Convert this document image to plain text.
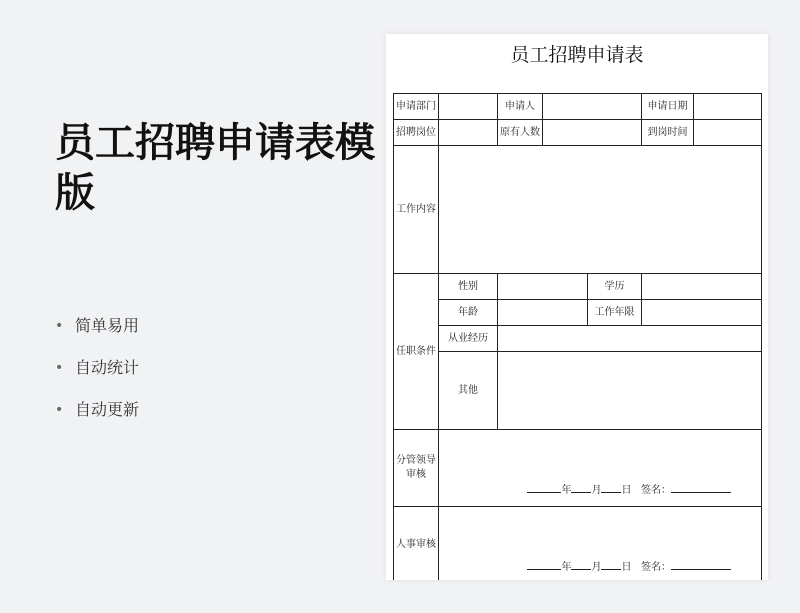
员工招聘申请表模版
• 简单易用
• 自动统计
• 自动更新
员工招聘申请表
申请部门		申请人			申请日期	
招聘岗位		原有人数			到岗时间	
工作内容						
任职条件	性别			学历		
	年龄			工作年限		
	从业经历					
	其他					
分管领导审核	年 月 日 签名：					

人事审核	年 月 日 签名：					
